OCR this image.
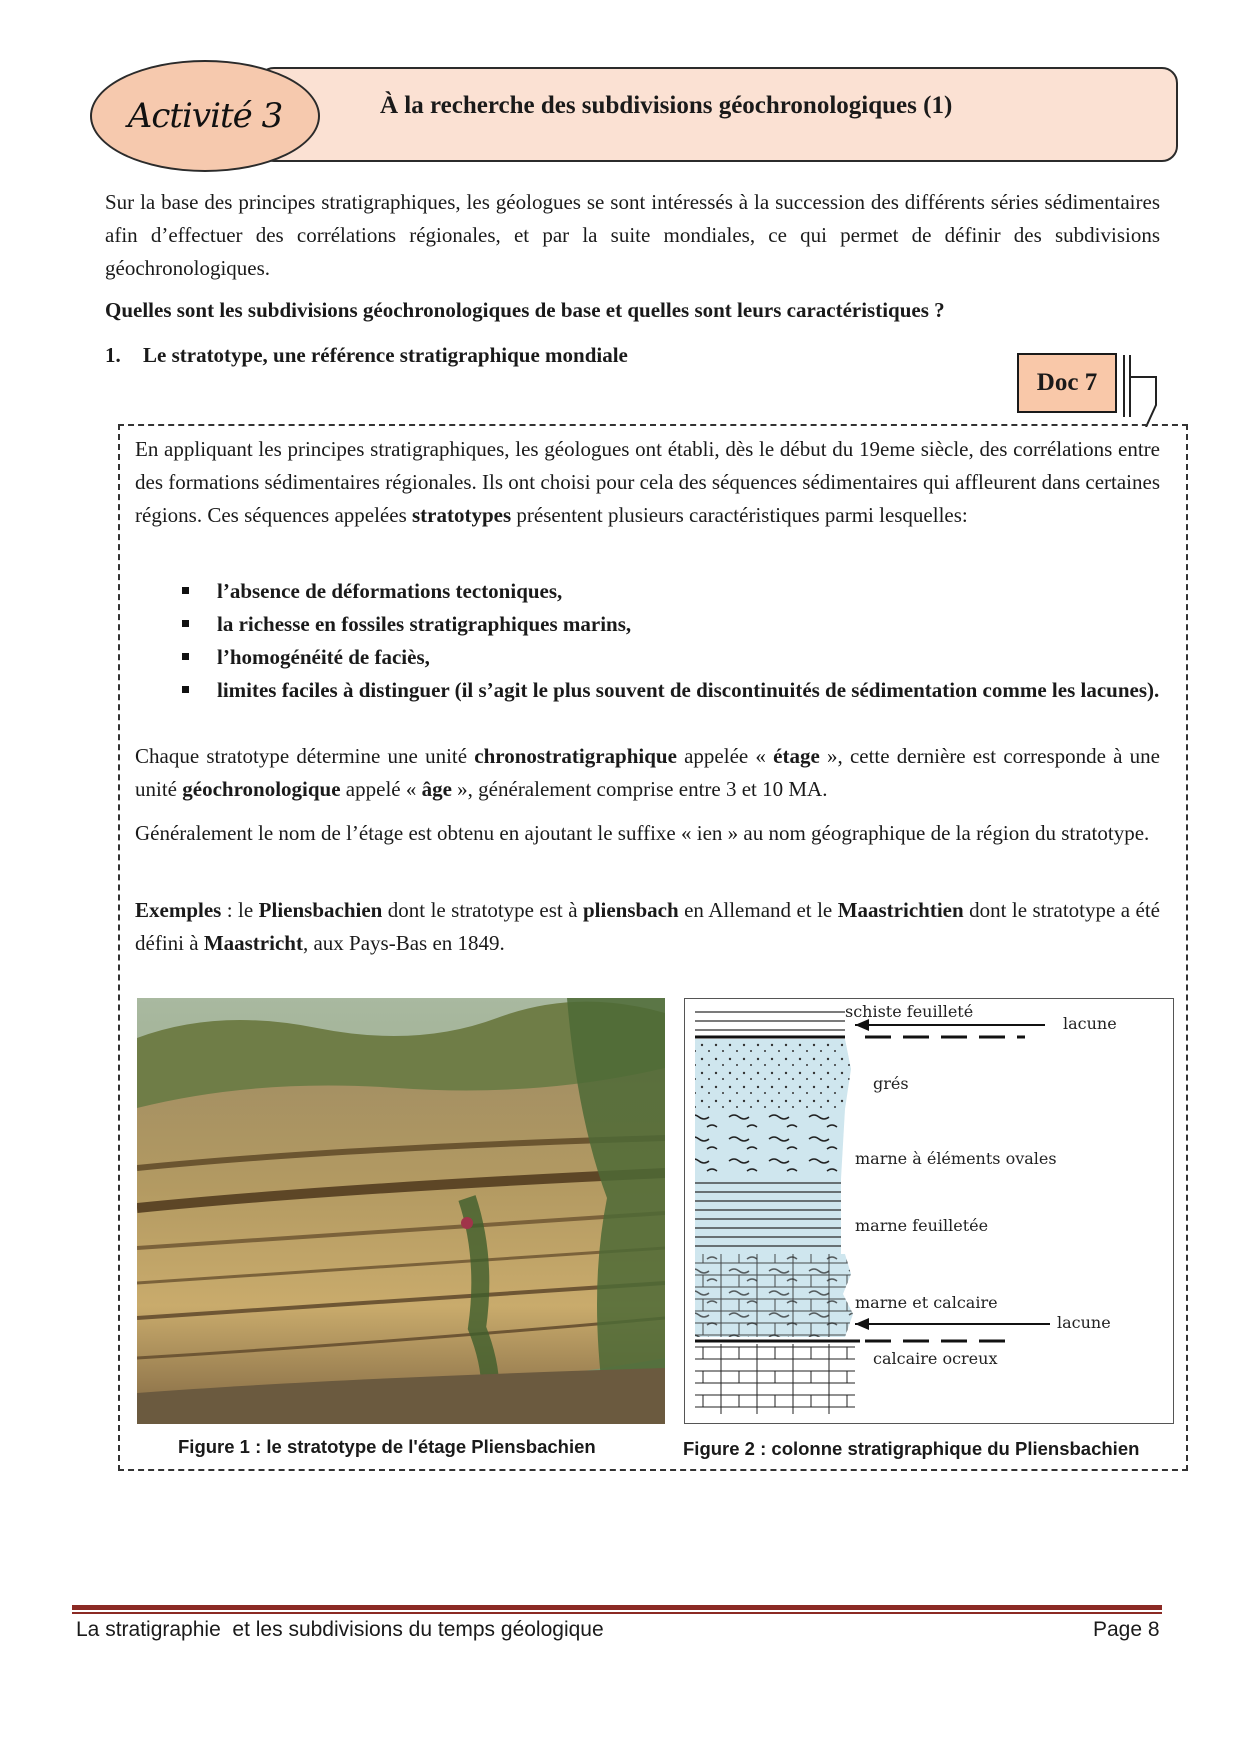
À la recherche des subdivisions géochronologiques (1)
Activité 3
Sur la base des principes stratigraphiques, les géologues se sont intéressés à la succession des différents séries sédimentaires afin d’effectuer des corrélations régionales, et par la suite mondiales, ce qui permet de définir des subdivisions géochronologiques.
Quelles sont les subdivisions géochronologiques de base et quelles sont leurs caractéristiques ?
1. Le stratotype, une référence stratigraphique mondiale
Doc 7
En appliquant les principes stratigraphiques, les géologues ont établi, dès le début du 19eme siècle, des corrélations entre des formations sédimentaires régionales. Ils ont choisi pour cela des séquences sédimentaires qui affleurent dans certaines régions. Ces séquences appelées stratotypes présentent plusieurs caractéristiques parmi lesquelles:
l’absence de déformations tectoniques,
la richesse en fossiles stratigraphiques marins,
l’homogénéité de faciès,
limites faciles à distinguer (il s’agit le plus souvent de discontinuités de sédimentation comme les lacunes).
Chaque stratotype détermine une unité chronostratigraphique appelée « étage », cette dernière est corresponde à une unité géochronologique appelé « âge », généralement comprise entre 3 et 10 MA.
Généralement le nom de l’étage est obtenu en ajoutant le suffixe « ien » au nom géographique de la région du stratotype.
Exemples : le Pliensbachien dont le stratotype est à pliensbach en Allemand et le Maastrichtien dont le stratotype a été défini à Maastricht, aux Pays-Bas en 1849.
schiste feuilleté
lacune
grés
marne à éléments ovales
marne feuilletée
marne et calcaire
lacune
calcaire ocreux
Figure 1 : le stratotype de l'étage Pliensbachien	Figure 2 : colonne stratigraphique du Pliensbachien
La stratigraphie  et les subdivisions du temps géologique	Page 8
